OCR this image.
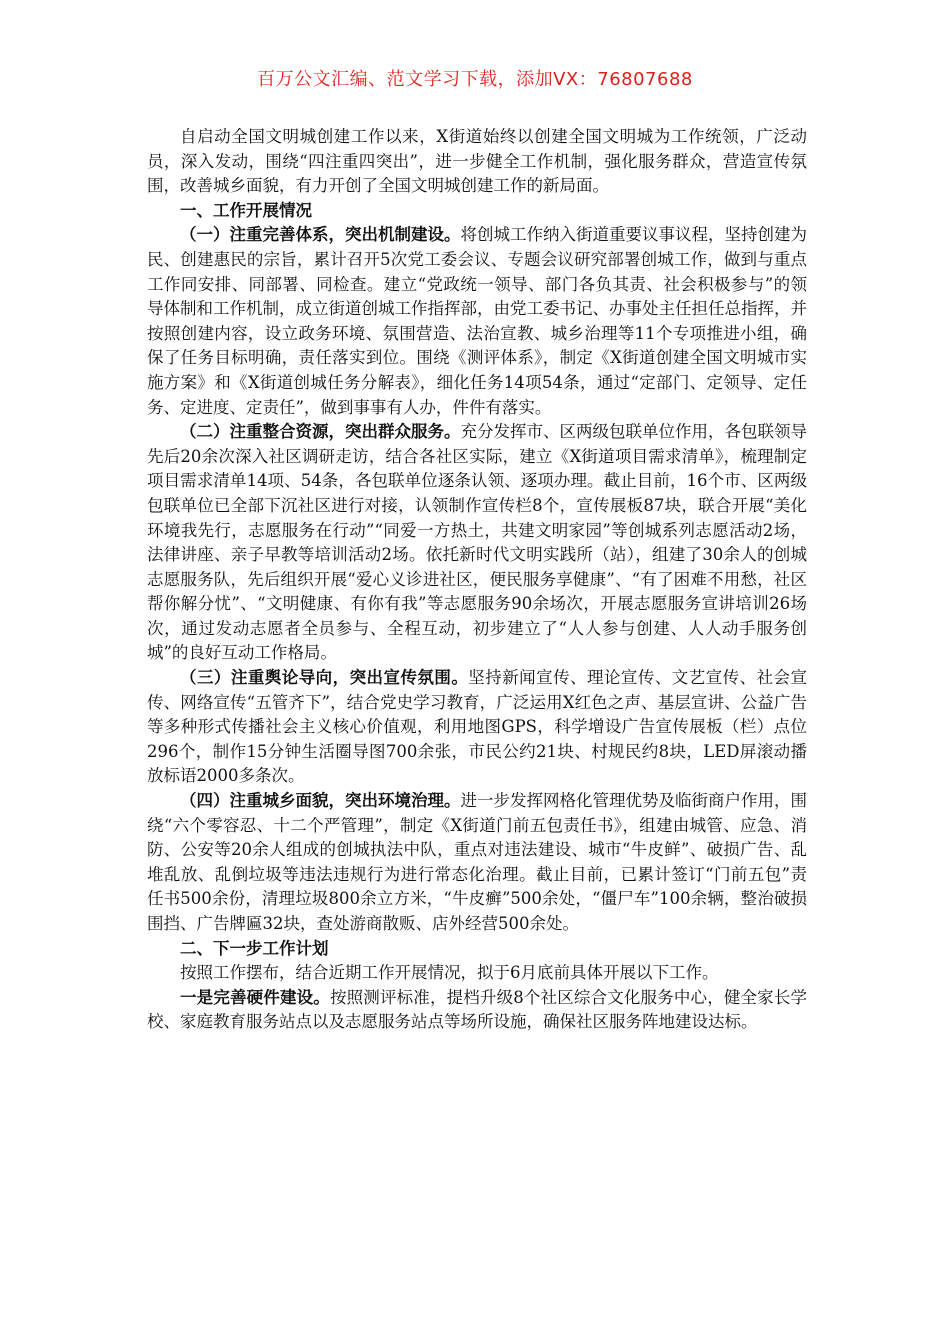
百万公文汇编、范文学习下载，添加VX：76807688

自启动全国文明城创建工作以来，X街道始终以创建全国文明城为工作统领，广泛动员，深入发动，围绕“四注重四突出”，进一步健全工作机制，强化服务群众，营造宣传氛围，改善城乡面貌，有力开创了全国文明城创建工作的新局面。

一、工作开展情况

（一）注重完善体系，突出机制建设。将创城工作纳入街道重要议事议程，坚持创建为民、创建惠民的宗旨，累计召开5次党工委会议、专题会议研究部署创城工作，做到与重点工作同安排、同部署、同检查。建立“党政统一领导、部门各负其责、社会积极参与”的领导体制和工作机制，成立街道创城工作指挥部，由党工委书记、办事处主任担任总指挥，并按照创建内容，设立政务环境、氛围营造、法治宣教、城乡治理等11个专项推进小组，确保了任务目标明确，责任落实到位。围绕《测评体系》，制定《X街道创建全国文明城市实施方案》和《X街道创城任务分解表》，细化任务14项54条，通过“定部门、定领导、定任务、定进度、定责任”，做到事事有人办，件件有落实。

（二）注重整合资源，突出群众服务。充分发挥市、区两级包联单位作用，各包联领导先后20余次深入社区调研走访，结合各社区实际，建立《X街道项目需求清单》，梳理制定项目需求清单14项、54条，各包联单位逐条认领、逐项办理。截止目前，16个市、区两级包联单位已全部下沉社区进行对接，认领制作宣传栏8个，宣传展板87块，联合开展“美化环境我先行，志愿服务在行动”“同爱一方热土，共建文明家园”等创城系列志愿活动2场，法律讲座、亲子早教等培训活动2场。依托新时代文明实践所（站），组建了30余人的创城志愿服务队，先后组织开展“爱心义诊进社区，便民服务享健康”、“有了困难不用愁，社区帮你解分忧”、“文明健康、有你有我”等志愿服务90余场次，开展志愿服务宣讲培训26场次，通过发动志愿者全员参与、全程互动，初步建立了“人人参与创建、人人动手服务创城”的良好互动工作格局。

（三）注重舆论导向，突出宣传氛围。坚持新闻宣传、理论宣传、文艺宣传、社会宣传、网络宣传“五管齐下”，结合党史学习教育，广泛运用X红色之声、基层宣讲、公益广告等多种形式传播社会主义核心价值观，利用地图GPS，科学增设广告宣传展板（栏）点位296个，制作15分钟生活圈导图700余张，市民公约21块、村规民约8块，LED屏滚动播放标语2000多条次。

（四）注重城乡面貌，突出环境治理。进一步发挥网格化管理优势及临街商户作用，围绕“六个零容忍、十二个严管理”，制定《X街道门前五包责任书》，组建由城管、应急、消防、公安等20余人组成的创城执法中队，重点对违法建设、城市“牛皮鲜”、破损广告、乱堆乱放、乱倒垃圾等违法违规行为进行常态化治理。截止目前，已累计签订“门前五包”责任书500余份，清理垃圾800余立方米，“牛皮癣”500余处，“僵尸车”100余辆，整治破损围挡、广告牌匾32块，查处游商散贩、店外经营500余处。

二、下一步工作计划

按照工作摆布，结合近期工作开展情况，拟于6月底前具体开展以下工作。

一是完善硬件建设。按照测评标准，提档升级8个社区综合文化服务中心，健全家长学校、家庭教育服务站点以及志愿服务站点等场所设施，确保社区服务阵地建设达标。
